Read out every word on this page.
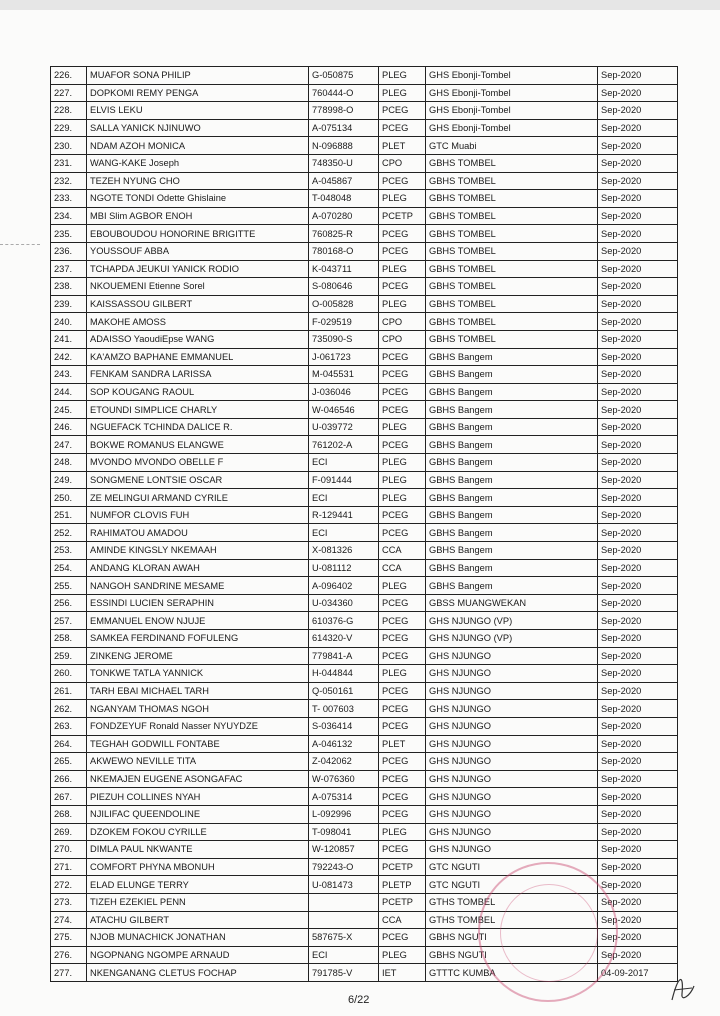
226.	MUAFOR SONA PHILIP	G-050875	PLEG	GHS Ebonji-Tombel	Sep-2020
227.	DOPKOMI REMY PENGA	760444-O	PLEG	GHS Ebonji-Tombel	Sep-2020
228.	ELVIS LEKU	778998-O	PCEG	GHS Ebonji-Tombel	Sep-2020
229.	SALLA YANICK NJINUWO	A-075134	PCEG	GHS Ebonji-Tombel	Sep-2020
230.	NDAM AZOH MONICA	N-096888	PLET	GTC Muabi	Sep-2020
231.	WANG-KAKE Joseph	748350-U	CPO	GBHS TOMBEL	Sep-2020
232.	TEZEH NYUNG CHO	A-045867	PCEG	GBHS TOMBEL	Sep-2020
233.	NGOTE TONDI Odette Ghislaine	T-048048	PLEG	GBHS TOMBEL	Sep-2020
234.	MBI Slim AGBOR ENOH	A-070280	PCETP	GBHS TOMBEL	Sep-2020
235.	EBOUBOUDOU HONORINE BRIGITTE	760825-R	PCEG	GBHS TOMBEL	Sep-2020
236.	YOUSSOUF ABBA	780168-O	PCEG	GBHS TOMBEL	Sep-2020
237.	TCHAPDA JEUKUI YANICK RODIO	K-043711	PLEG	GBHS TOMBEL	Sep-2020
238.	NKOUEMENI Etienne Sorel	S-080646	PCEG	GBHS TOMBEL	Sep-2020
239.	KAISSASSOU GILBERT	O-005828	PLEG	GBHS TOMBEL	Sep-2020
240.	MAKOHE AMOSS	F-029519	CPO	GBHS TOMBEL	Sep-2020
241.	ADAISSO YaoudiEpse WANG	735090-S	CPO	GBHS TOMBEL	Sep-2020
242.	KA'AMZO BAPHANE EMMANUEL	J-061723	PCEG	GBHS Bangem	Sep-2020
243.	FENKAM SANDRA LARISSA	M-045531	PCEG	GBHS Bangem	Sep-2020
244.	SOP KOUGANG RAOUL	J-036046	PCEG	GBHS Bangem	Sep-2020
245.	ETOUNDI SIMPLICE CHARLY	W-046546	PCEG	GBHS Bangem	Sep-2020
246.	NGUEFACK TCHINDA DALICE R.	U-039772	PLEG	GBHS Bangem	Sep-2020
247.	BOKWE ROMANUS ELANGWE	761202-A	PCEG	GBHS Bangem	Sep-2020
248.	MVONDO MVONDO OBELLE F	ECI	PLEG	GBHS Bangem	Sep-2020
249.	SONGMENE LONTSIE OSCAR	F-091444	PLEG	GBHS Bangem	Sep-2020
250.	ZE MELINGUI ARMAND CYRILE	ECI	PLEG	GBHS Bangem	Sep-2020
251.	NUMFOR CLOVIS FUH	R-129441	PCEG	GBHS Bangem	Sep-2020
252.	RAHIMATOU AMADOU	ECI	PCEG	GBHS Bangem	Sep-2020
253.	AMINDE KINGSLY NKEMAAH	X-081326	CCA	GBHS Bangem	Sep-2020
254.	ANDANG KLORAN AWAH	U-081112	CCA	GBHS Bangem	Sep-2020
255.	NANGOH SANDRINE MESAME	A-096402	PLEG	GBHS Bangem	Sep-2020
256.	ESSINDI LUCIEN SERAPHIN	U-034360	PCEG	GBSS MUANGWEKAN	Sep-2020
257.	EMMANUEL ENOW NJUJE	610376-G	PCEG	GHS NJUNGO (VP)	Sep-2020
258.	SAMKEA FERDINAND FOFULENG	614320-V	PCEG	GHS NJUNGO (VP)	Sep-2020
259.	ZINKENG JEROME	779841-A	PCEG	GHS NJUNGO	Sep-2020
260.	TONKWE TATLA YANNICK	H-044844	PLEG	GHS NJUNGO	Sep-2020
261.	TARH EBAI MICHAEL TARH	Q-050161	PCEG	GHS NJUNGO	Sep-2020
262.	NGANYAM THOMAS NGOH	T- 007603	PCEG	GHS NJUNGO	Sep-2020
263.	FONDZEYUF Ronald Nasser NYUYDZE	S-036414	PCEG	GHS NJUNGO	Sep-2020
264.	TEGHAH GODWILL FONTABE	A-046132	PLET	GHS NJUNGO	Sep-2020
265.	AKWEWO NEVILLE TITA	Z-042062	PCEG	GHS NJUNGO	Sep-2020
266.	NKEMAJEN EUGENE ASONGAFAC	W-076360	PCEG	GHS NJUNGO	Sep-2020
267.	PIEZUH COLLINES NYAH	A-075314	PCEG	GHS NJUNGO	Sep-2020
268.	NJILIFAC QUEENDOLINE	L-092996	PCEG	GHS NJUNGO	Sep-2020
269.	DZOKEM FOKOU CYRILLE	T-098041	PLEG	GHS NJUNGO	Sep-2020
270.	DIMLA PAUL NKWANTE	W-120857	PCEG	GHS NJUNGO	Sep-2020
271.	COMFORT PHYNA MBONUH	792243-O	PCETP	GTC NGUTI	Sep-2020
272.	ELAD ELUNGE TERRY	U-081473	PLETP	GTC NGUTI	Sep-2020
273.	TIZEH EZEKIEL PENN		PCETP	GTHS TOMBEL	Sep-2020
274.	ATACHU GILBERT		CCA	GTHS TOMBEL	Sep-2020
275.	NJOB MUNACHICK JONATHAN	587675-X	PCEG	GBHS NGUTI	Sep-2020
276.	NGOPNANG NGOMPE ARNAUD	ECI	PLEG	GBHS NGUTI	Sep-2020
277.	NKENGANANG CLETUS FOCHAP	791785-V	IET	GTTTC KUMBA	04-09-2017
6/22
